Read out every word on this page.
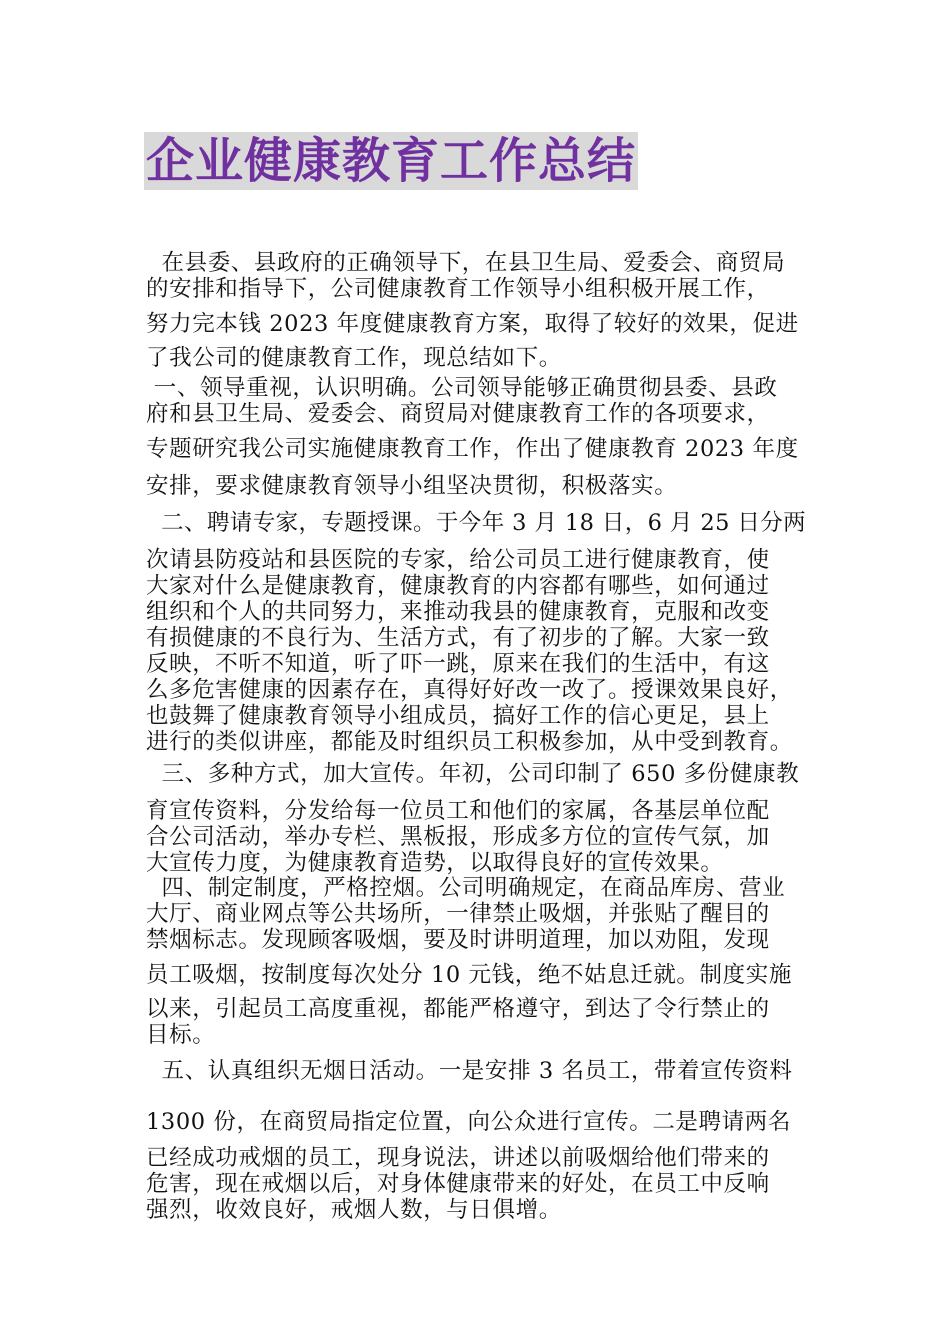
企业健康教育工作总结
在县委、县政府的正确领导下，在县卫生局、爱委会、商贸局
的安排和指导下，公司健康教育工作领导小组积极开展工作，
努力完本钱 2023 年度健康教育方案，取得了较好的效果，促进
了我公司的健康教育工作，现总结如下。
一、领导重视，认识明确。公司领导能够正确贯彻县委、县政
府和县卫生局、爱委会、商贸局对健康教育工作的各项要求，
专题研究我公司实施健康教育工作，作出了健康教育 2023 年度
安排，要求健康教育领导小组坚决贯彻，积极落实。
二、聘请专家，专题授课。于今年 3 月 18 日，6 月 25 日分两
次请县防疫站和县医院的专家，给公司员工进行健康教育，使
大家对什么是健康教育，健康教育的内容都有哪些，如何通过
组织和个人的共同努力，来推动我县的健康教育，克服和改变
有损健康的不良行为、生活方式，有了初步的了解。大家一致
反映，不听不知道，听了吓一跳，原来在我们的生活中，有这
么多危害健康的因素存在，真得好好改一改了。授课效果良好，
也鼓舞了健康教育领导小组成员，搞好工作的信心更足，县上
进行的类似讲座，都能及时组织员工积极参加，从中受到教育。
三、多种方式，加大宣传。年初，公司印制了 650 多份健康教
育宣传资料，分发给每一位员工和他们的家属，各基层单位配
合公司活动，举办专栏、黑板报，形成多方位的宣传气氛，加
大宣传力度，为健康教育造势，以取得良好的宣传效果。
四、制定制度，严格控烟。公司明确规定，在商品库房、营业
大厅、商业网点等公共场所，一律禁止吸烟，并张贴了醒目的
禁烟标志。发现顾客吸烟，要及时讲明道理，加以劝阻，发现
员工吸烟，按制度每次处分 10 元钱，绝不姑息迁就。制度实施
以来，引起员工高度重视，都能严格遵守，到达了令行禁止的
目标。
五、认真组织无烟日活动。一是安排 3 名员工，带着宣传资料
1300 份，在商贸局指定位置，向公众进行宣传。二是聘请两名
已经成功戒烟的员工，现身说法，讲述以前吸烟给他们带来的
危害，现在戒烟以后，对身体健康带来的好处，在员工中反响
强烈，收效良好，戒烟人数，与日俱增。
